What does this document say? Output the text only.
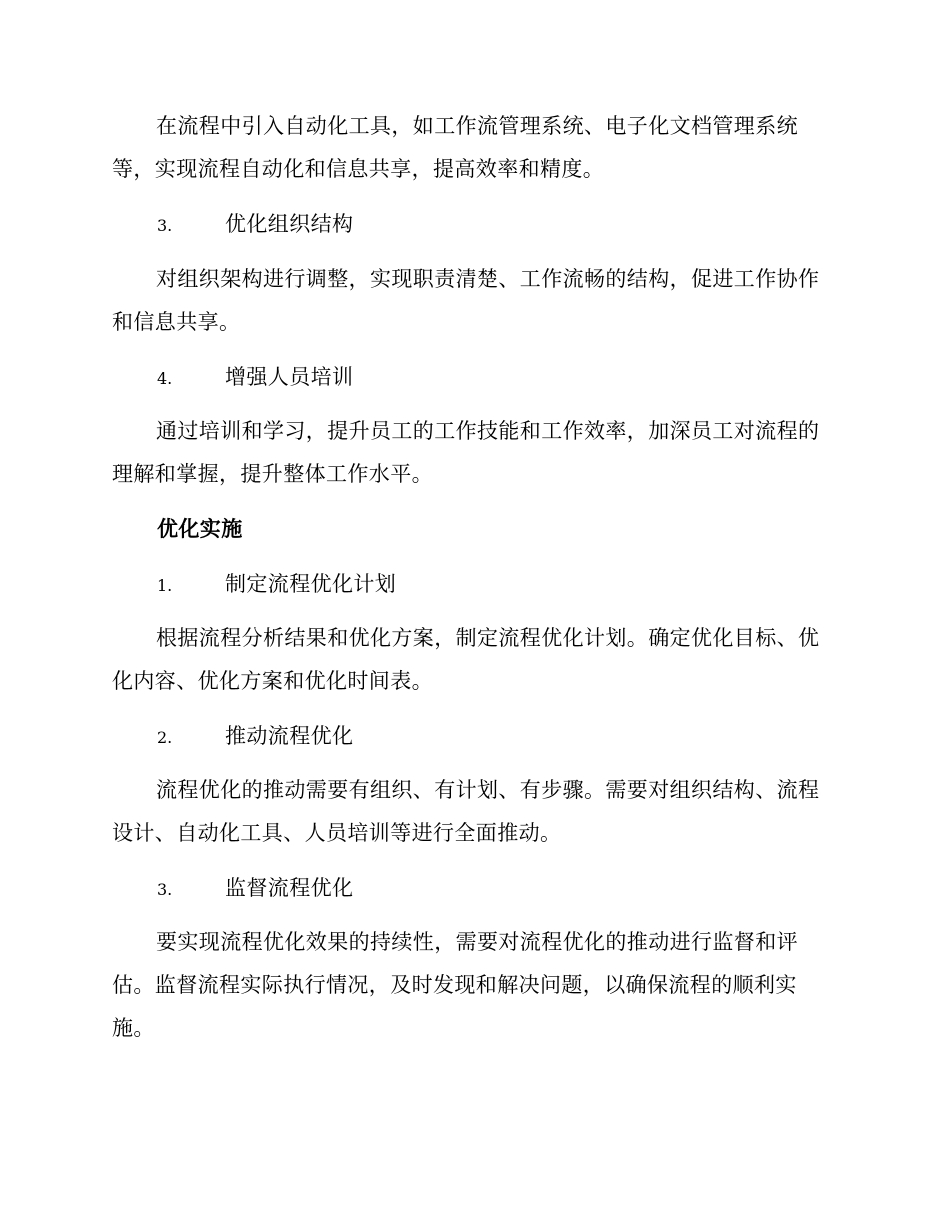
在流程中引入自动化工具，如工作流管理系统、电子化文档管理系统等，实现流程自动化和信息共享，提高效率和精度。

3.	优化组织结构

对组织架构进行调整，实现职责清楚、工作流畅的结构，促进工作协作和信息共享。

4.	增强人员培训

通过培训和学习，提升员工的工作技能和工作效率，加深员工对流程的理解和掌握，提升整体工作水平。

优化实施
1.	制定流程优化计划

根据流程分析结果和优化方案，制定流程优化计划。确定优化目标、优化内容、优化方案和优化时间表。

2.	推动流程优化

流程优化的推动需要有组织、有计划、有步骤。需要对组织结构、流程设计、自动化工具、人员培训等进行全面推动。

3.	监督流程优化

要实现流程优化效果的持续性，需要对流程优化的推动进行监督和评估。监督流程实际执行情况，及时发现和解决问题，以确保流程的顺利实施。
